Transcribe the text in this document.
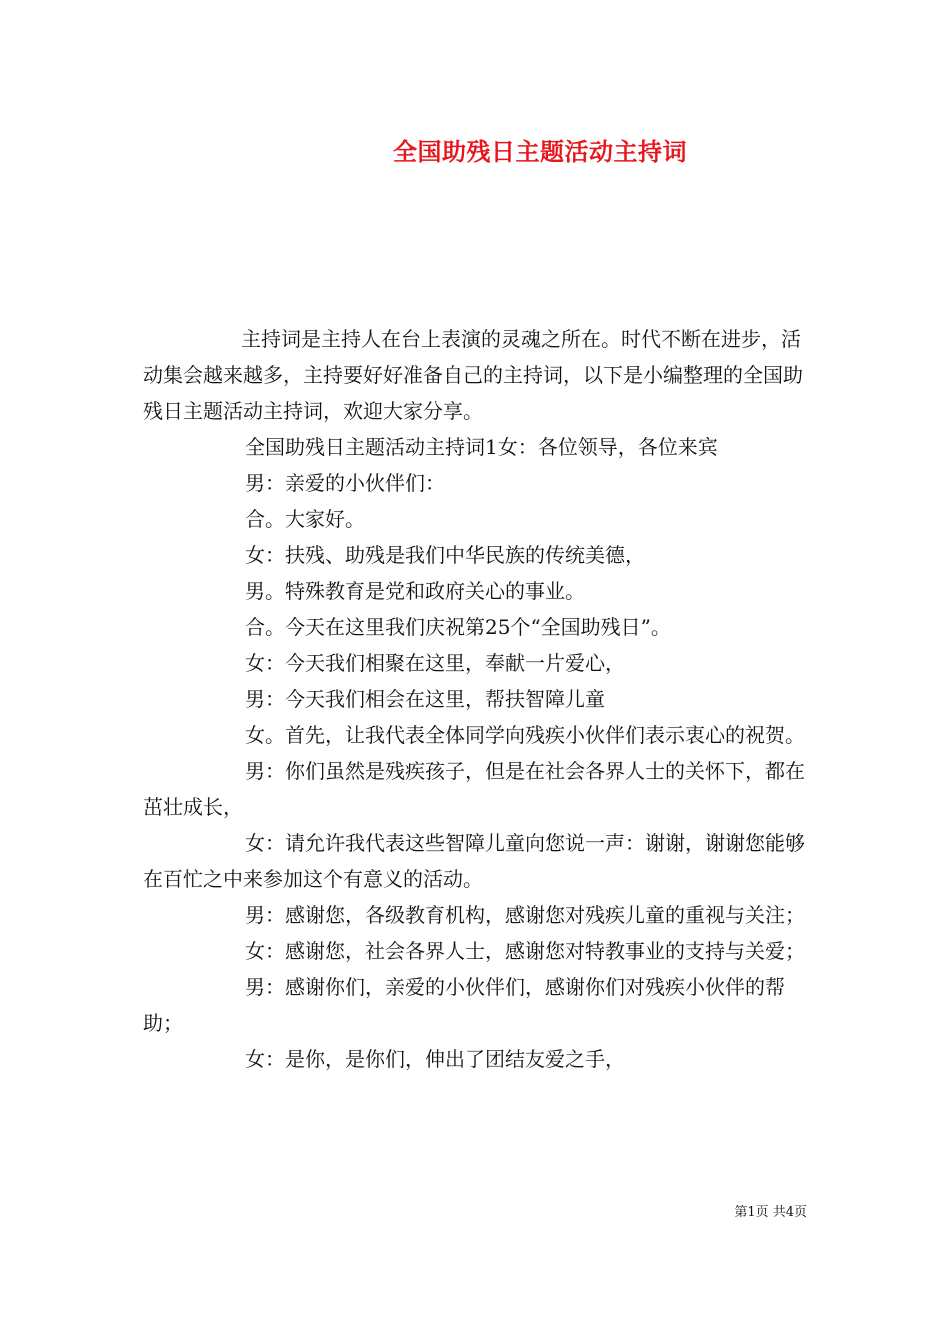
全国助残日主题活动主持词

主持词是主持人在台上表演的灵魂之所在。时代不断在进步，活动集会越来越多，主持要好好准备自己的主持词，以下是小编整理的全国助残日主题活动主持词，欢迎大家分享。

全国助残日主题活动主持词1女：各位领导，各位来宾

男：亲爱的小伙伴们：

合。大家好。

女：扶残、助残是我们中华民族的传统美德，

男。特殊教育是党和政府关心的事业。

合。今天在这里我们庆祝第25个“全国助残日”。

女：今天我们相聚在这里，奉献一片爱心，

男：今天我们相会在这里，帮扶智障儿童

女。首先，让我代表全体同学向残疾小伙伴们表示衷心的祝贺。

男：你们虽然是残疾孩子，但是在社会各界人士的关怀下，都在茁壮成长，

女：请允许我代表这些智障儿童向您说一声：谢谢，谢谢您能够在百忙之中来参加这个有意义的活动。

男：感谢您，各级教育机构，感谢您对残疾儿童的重视与关注；

女：感谢您，社会各界人士，感谢您对特教事业的支持与关爱；

男：感谢你们，亲爱的小伙伴们，感谢你们对残疾小伙伴的帮助；

女：是你，是你们，伸出了团结友爱之手，

第1页 共4页
